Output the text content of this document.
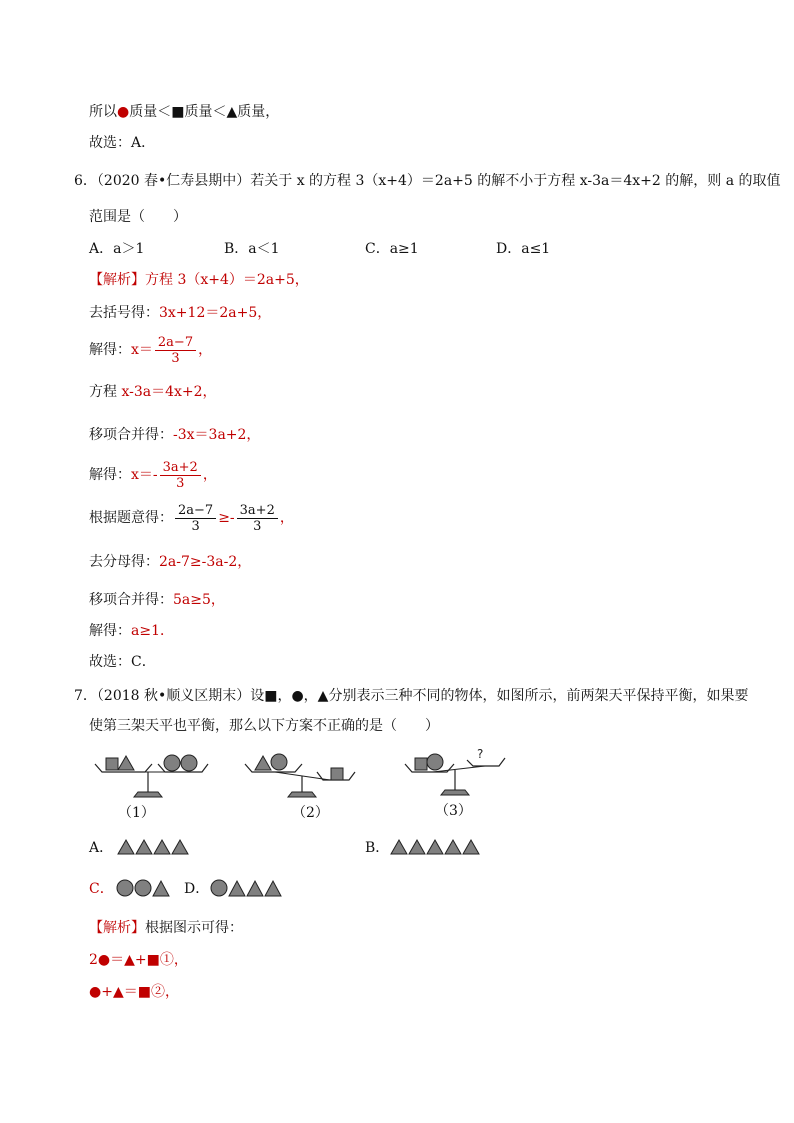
所以●质量＜■质量＜▲质量，
故选：A．
6．（2020 春•仁寿县期中）若关于 x 的方程 3（x+4）＝2a+5 的解不小于方程 x-3a＝4x+2 的解，则 a 的取值
范围是（　　）
A．a＞1	B．a＜1	C．a≥1	D．a≤1
【解析】方程 3（x+4）＝2a+5，
去括号得：3x+12＝2a+5，
解得：$x= \frac{2a-7}{3}$ ，
方程 x-3a＝4x+2，
移项合并得：-3x＝3a+2，
解得：$x=- \frac{3a+2}{3}$ ，
根据题意得： $\frac{2a-7}{3} \ge- \frac{3a+2}{3}$ ，
去分母得：2a-7≥-3a-2，
移项合并得：5a≥5，
解得：a≥1．
故选：C．
7．（2018 秋•顺义区期末）设■，●，▲分别表示三种不同的物体，如图所示，前两架天平保持平衡，如果要
使第三架天平也平衡，那么以下方案不正确的是（　　）
?
（1）	（2）	（3）
A．	B．
C．	D．
【解析】根据图示可得：
2●＝▲+■①，
●+▲＝■②，
